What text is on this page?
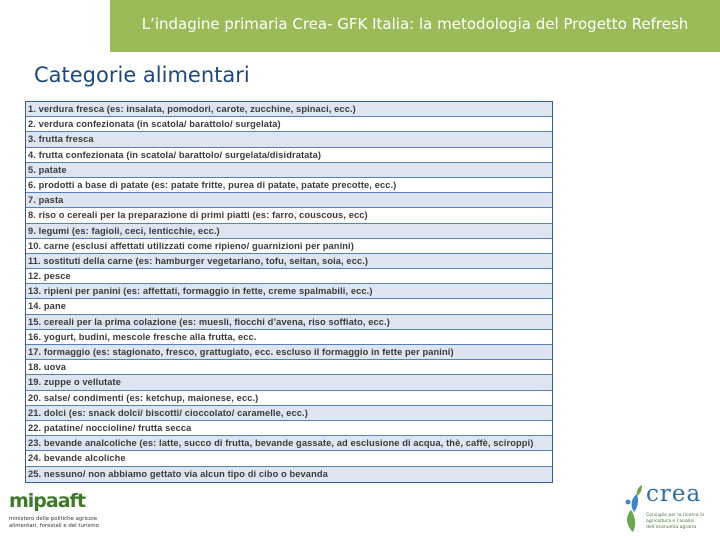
L’indagine primaria Crea- GFK Italia: la metodologia del Progetto Refresh
Categorie alimentari
1. verdura fresca (es: insalata, pomodori, carote, zucchine, spinaci, ecc.)
2. verdura confezionata (in scatola/ barattolo/ surgelata)
3. frutta fresca
4. frutta confezionata (in scatola/ barattolo/ surgelata/disidratata)
5. patate
6. prodotti a base di patate (es: patate fritte, purea di patate, patate precotte, ecc.)
7. pasta
8. riso o cereali per la preparazione di primi piatti (es: farro, couscous, ecc)
9. legumi (es: fagioli, ceci, lenticchie, ecc.)
10. carne (esclusi affettati utilizzati come ripieno/ guarnizioni per panini)
11. sostituti della carne (es: hamburger vegetariano, tofu, seitan, soia, ecc.)
12. pesce
13. ripieni per panini (es: affettati, formaggio in fette, creme spalmabili, ecc.)
14. pane
15. cereali per la prima colazione (es: muesli, fiocchi d’avena, riso soffiato, ecc.)
16. yogurt, budini, mescole fresche alla frutta, ecc.
17. formaggio (es: stagionato, fresco, grattugiato, ecc. escluso il formaggio in fette per panini)
18. uova
19. zuppe o vellutate
20. salse/ condimenti (es: ketchup, maionese, ecc.)
21. dolci (es: snack dolci/ biscotti/ cioccolato/ caramelle, ecc.)
22. patatine/ noccioline/ frutta secca
23. bevande analcoliche (es: latte, succo di frutta, bevande gassate, ad esclusione di acqua, thè, caffè, sciroppi)
24. bevande alcoliche
25. nessuno/ non abbiamo gettato via alcun tipo di cibo o bevanda
mipaaft
ministero delle politiche agricole alimentari, forestali e del turismo
crea
Consiglio per la ricerca in agricoltura e l’analisi dell’economia agraria
